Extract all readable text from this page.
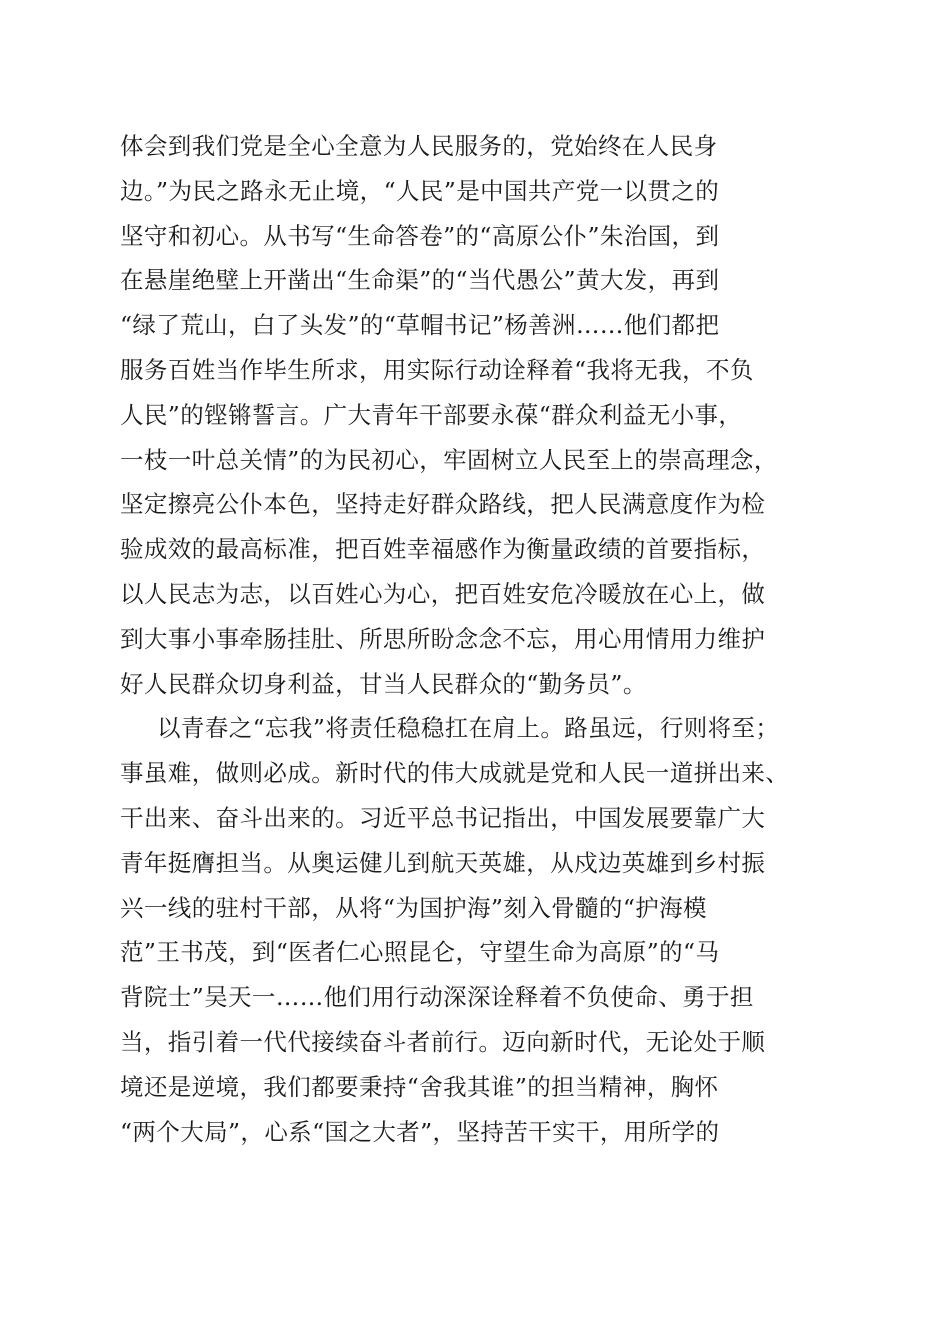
体会到我们党是全心全意为人民服务的，党始终在人民身
边。”为民之路永无止境，“人民”是中国共产党一以贯之的
坚守和初心。从书写“生命答卷”的“高原公仆”朱治国，到
在悬崖绝壁上开凿出“生命渠”的“当代愚公”黄大发，再到
“绿了荒山，白了头发”的“草帽书记”杨善洲……他们都把
服务百姓当作毕生所求，用实际行动诠释着“我将无我，不负
人民”的铿锵誓言。广大青年干部要永葆“群众利益无小事，
一枝一叶总关情”的为民初心，牢固树立人民至上的崇高理念，
坚定擦亮公仆本色，坚持走好群众路线，把人民满意度作为检
验成效的最高标准，把百姓幸福感作为衡量政绩的首要指标，
以人民志为志，以百姓心为心，把百姓安危冷暖放在心上，做
到大事小事牵肠挂肚、所思所盼念念不忘，用心用情用力维护
好人民群众切身利益，甘当人民群众的“勤务员”。
以青春之“忘我”将责任稳稳扛在肩上。路虽远，行则将至；
事虽难，做则必成。新时代的伟大成就是党和人民一道拼出来、
干出来、奋斗出来的。习近平总书记指出，中国发展要靠广大
青年挺膺担当。从奥运健儿到航天英雄，从戍边英雄到乡村振
兴一线的驻村干部，从将“为国护海”刻入骨髓的“护海模
范”王书茂，到“医者仁心照昆仑，守望生命为高原”的“马
背院士”吴天一……他们用行动深深诠释着不负使命、勇于担
当，指引着一代代接续奋斗者前行。迈向新时代，无论处于顺
境还是逆境，我们都要秉持“舍我其谁”的担当精神，胸怀
“两个大局”，心系“国之大者”，坚持苦干实干，用所学的
